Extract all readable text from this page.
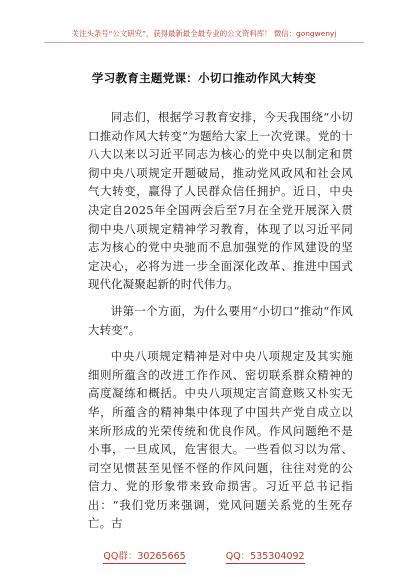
关注头条号“公文研究”，获得最新最全最专业的公文资料库！ 微信：gongwenyj
学习教育主题党课：小切口推动作风大转变

同志们，根据学习教育安排，今天我围绕“小切口推动作风大转变”为题给大家上一次党课。党的十八大以来以习近平同志为核心的党中央以制定和贯彻中央八项规定开题破局，推动党风政风和社会风气大转变，赢得了人民群众信任拥护。近日，中央决定自2025年全国两会后至7月在全党开展深入贯彻中央八项规定精神学习教育，体现了以习近平同志为核心的党中央驰而不息加强党的作风建设的坚定决心，必将为进一步全面深化改革、推进中国式现代化凝聚起新的时代伟力。

讲第一个方面，为什么要用“小切口”推动“作风大转变”。

中央八项规定精神是对中央八项规定及其实施细则所蕴含的改进工作作风、密切联系群众精神的高度凝练和概括。中央八项规定言简意赅又朴实无华，所蕴含的精神集中体现了中国共产党自成立以来所形成的光荣传统和优良作风。作风问题绝不是小事，一旦成风，危害很大。一些看似习以为常、司空见惯甚至见怪不怪的作风问题，往往对党的公信力、党的形象带来致命损害。习近平总书记指出：“我们党历来强调，党风问题关系党的生死存亡。古

QQ群：30265665	QQ：535304092
